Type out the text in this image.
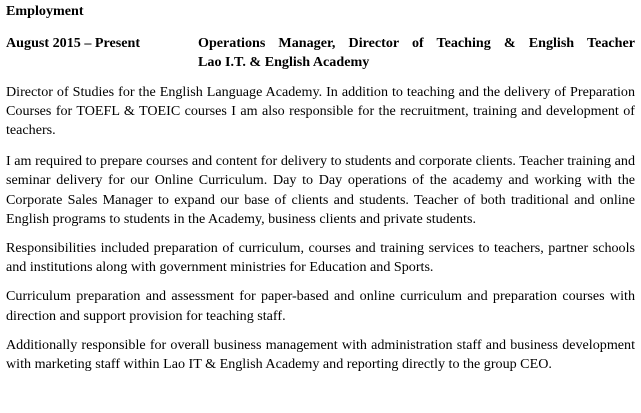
Employment
August 2015 – Present	Operations Manager, Director of Teaching & English Teacher
Lao I.T. & English Academy

Director of Studies for the English Language Academy. In addition to teaching and the delivery of Preparation Courses for TOEFL & TOEIC courses I am also responsible for the recruitment, training and development of teachers.

I am required to prepare courses and content for delivery to students and corporate clients. Teacher training and seminar delivery for our Online Curriculum. Day to Day operations of the academy and working with the Corporate Sales Manager to expand our base of clients and students. Teacher of both traditional and online English programs to students in the Academy, business clients and private students.

Responsibilities included preparation of curriculum, courses and training services to teachers, partner schools and institutions along with government ministries for Education and Sports.

Curriculum preparation and assessment for paper-based and online curriculum and preparation courses with direction and support provision for teaching staff.

Additionally responsible for overall business management with administration staff and business development with marketing staff within Lao IT & English Academy and reporting directly to the group CEO.
